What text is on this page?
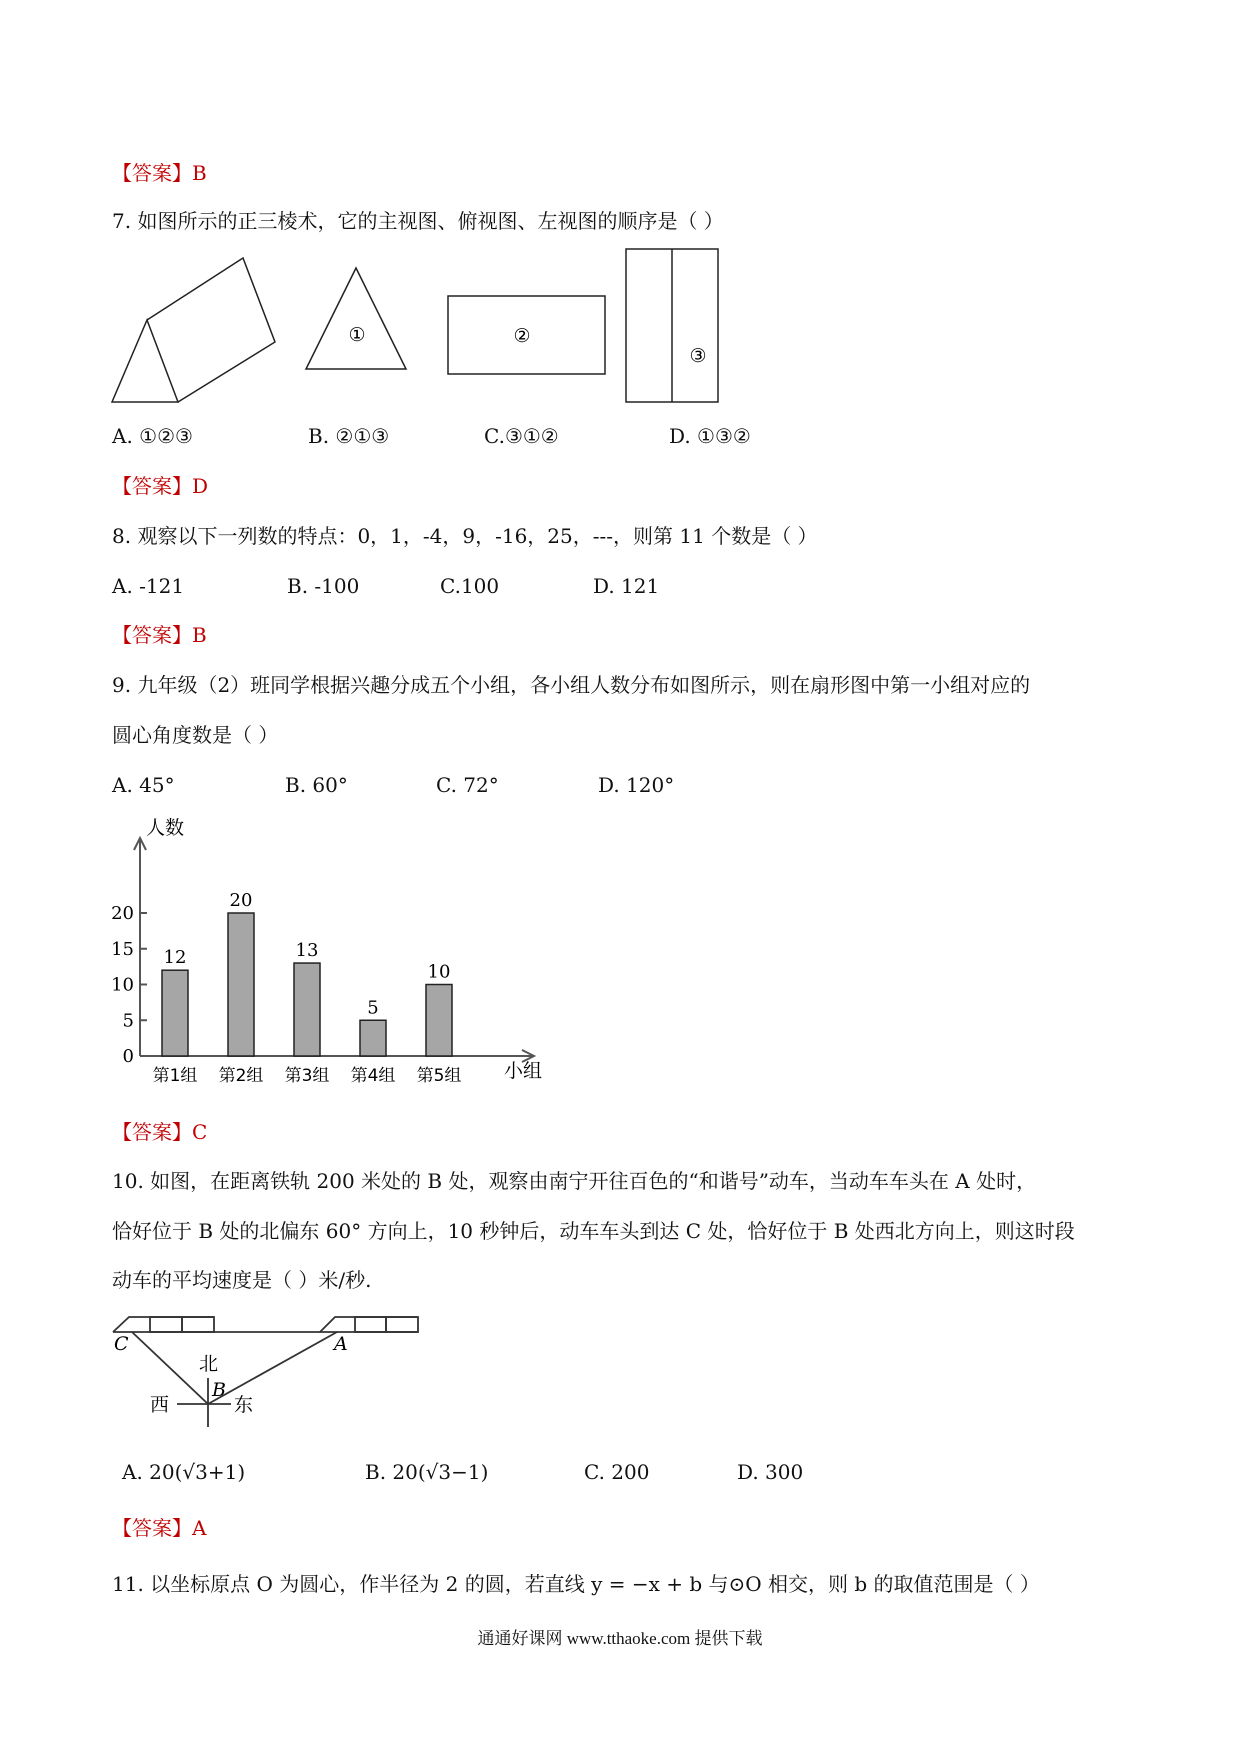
【答案】B
7. 如图所示的正三棱术，它的主视图、俯视图、左视图的顺序是（ ）
①	②
③
A. ①②③	B. ②①③	C.③①②	D. ①③②
【答案】D
8. 观察以下一列数的特点：0，1，-4，9，-16，25，---，则第 11 个数是（ ）
A. -121	B. -100	C.100	D. 121
【答案】B
9. 九年级（2）班同学根据兴趣分成五个小组，各小组人数分布如图所示，则在扇形图中第一小组对应的
圆心角度数是（ ）
A. 45°	B. 60°	C. 72°	D. 120°
人数
小组
0
5
10
15
20
12
第1组
20
第2组
13
第3组
5
第4组
10
第5组
【答案】C
10. 如图，在距离铁轨 200 米处的 B 处，观察由南宁开往百色的“和谐号”动车，当动车车头在 A 处时，
恰好位于 B 处的北偏东 60° 方向上，10 秒钟后，动车车头到达 C 处，恰好位于 B 处西北方向上，则这时段
动车的平均速度是（ ）米/秒.
C	A
B
北
西	东
A. 20(√3+1)	B. 20(√3−1)	C. 200	D. 300
【答案】A
11. 以坐标原点 O 为圆心，作半径为 2 的圆，若直线 y = −x + b 与⊙O 相交，则 b 的取值范围是（ ）
通通好课网 www.tthaoke.com 提供下载
